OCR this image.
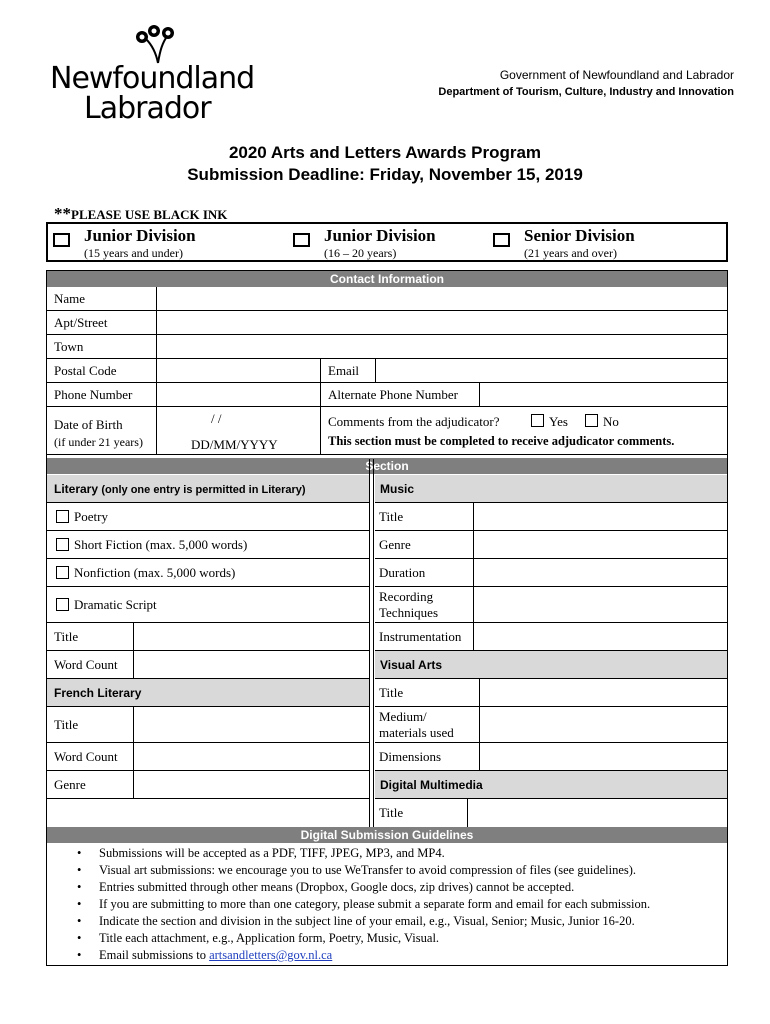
Newfoundland
Labrador
Government of Newfoundland and Labrador
Department of Tourism, Culture, Industry and Innovation
2020 Arts and Letters Awards Program
Submission Deadline: Friday, November 15, 2019
**PLEASE USE BLACK INK
Junior Division
(15 years and under)
Junior Division
(16 – 20 years)
Senior Division
(21 years and over)
Contact Information
Name
Apt/Street
Town
Postal Code	Email
Phone Number	Alternate Phone Number
Date of Birth
(if under 21 years)
/ /
DD/MM/YYYY
Comments from the adjudicator?	Yes	No
This section must be completed to receive adjudicator comments.
Section
Literary (only one entry is permitted in Literary)
Poetry
Short Fiction (max. 5,000 words)
Nonfiction (max. 5,000 words)
Dramatic Script
Title
Word Count
French Literary
Title
Word Count
Genre
Music
Title
Genre
Duration
Recording
Techniques
Instrumentation
Visual Arts
Title
Medium/
materials used
Dimensions
Digital Multimedia
Title
Digital Submission Guidelines
• Submissions will be accepted as a PDF, TIFF, JPEG, MP3, and MP4.
• Visual art submissions: we encourage you to use WeTransfer to avoid compression of files (see guidelines).
• Entries submitted through other means (Dropbox, Google docs, zip drives) cannot be accepted.
• If you are submitting to more than one category, please submit a separate form and email for each submission.
• Indicate the section and division in the subject line of your email, e.g., Visual, Senior; Music, Junior 16-20.
• Title each attachment, e.g., Application form, Poetry, Music, Visual.
• Email submissions to artsandletters@gov.nl.ca
